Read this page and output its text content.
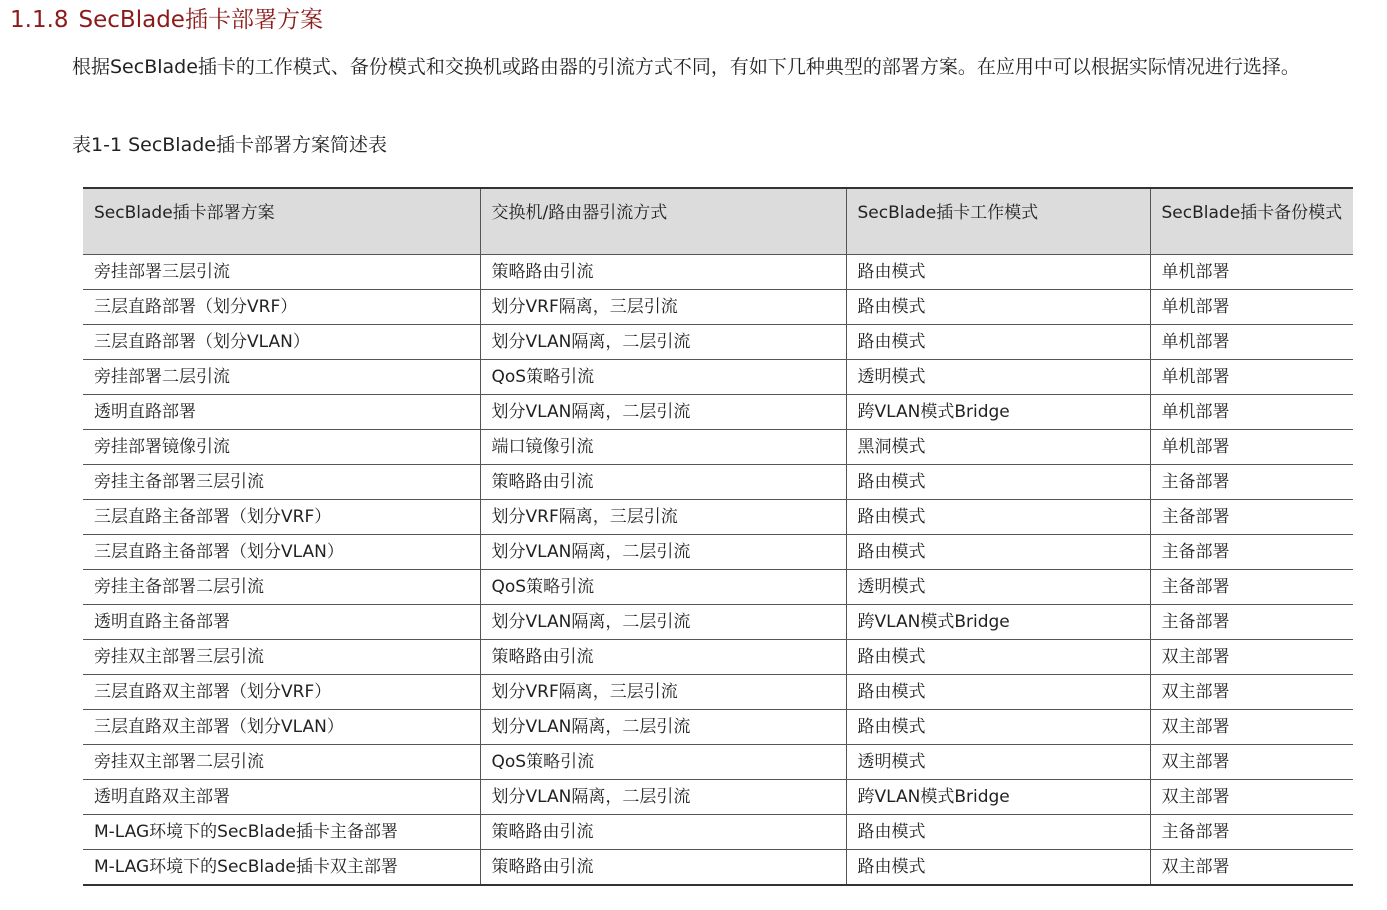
1.1.8 SecBlade插卡部署方案
根据SecBlade插卡的工作模式、备份模式和交换机或路由器的引流方式不同，有如下几种典型的部署方案。在应用中可以根据实际情况进行选择。
表1-1 SecBlade插卡部署方案简述表
SecBlade插卡部署方案	交换机/路由器引流方式	SecBlade插卡工作模式	SecBlade插卡备份模式
旁挂部署三层引流	策略路由引流	路由模式	单机部署
三层直路部署（划分VRF）	划分VRF隔离，三层引流	路由模式	单机部署
三层直路部署（划分VLAN）	划分VLAN隔离，二层引流	路由模式	单机部署
旁挂部署二层引流	QoS策略引流	透明模式	单机部署
透明直路部署	划分VLAN隔离，二层引流	跨VLAN模式Bridge	单机部署
旁挂部署镜像引流	端口镜像引流	黑洞模式	单机部署
旁挂主备部署三层引流	策略路由引流	路由模式	主备部署
三层直路主备部署（划分VRF）	划分VRF隔离，三层引流	路由模式	主备部署
三层直路主备部署（划分VLAN）	划分VLAN隔离，二层引流	路由模式	主备部署
旁挂主备部署二层引流	QoS策略引流	透明模式	主备部署
透明直路主备部署	划分VLAN隔离，二层引流	跨VLAN模式Bridge	主备部署
旁挂双主部署三层引流	策略路由引流	路由模式	双主部署
三层直路双主部署（划分VRF）	划分VRF隔离，三层引流	路由模式	双主部署
三层直路双主部署（划分VLAN）	划分VLAN隔离，二层引流	路由模式	双主部署
旁挂双主部署二层引流	QoS策略引流	透明模式	双主部署
透明直路双主部署	划分VLAN隔离，二层引流	跨VLAN模式Bridge	双主部署
M-LAG环境下的SecBlade插卡主备部署	策略路由引流	路由模式	主备部署
M-LAG环境下的SecBlade插卡双主部署	策略路由引流	路由模式	双主部署
